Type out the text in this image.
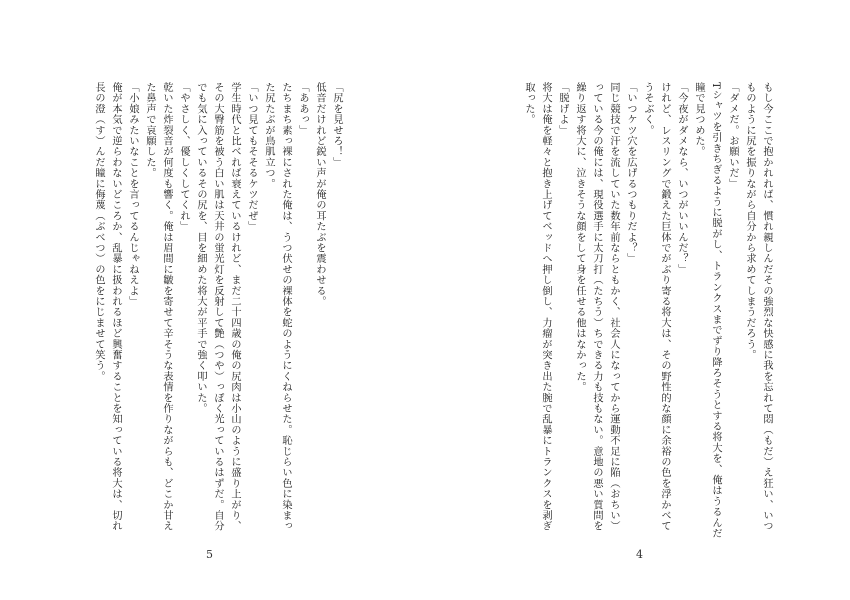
「尻を見せろ！」

低音だけれど鋭い声が俺の耳たぶを震わせる。

「ああっ」

たちまち素っ裸にされた俺は、うつ伏せの裸体を蛇のようにくねらせた。恥じらい色に染まった尻たぶが鳥肌立つ。

「いつ見てもそそるケツだぜ」

学生時代と比べれば衰えているけれど、まだ二十四歳の俺の尻肉は小山のように盛り上がり、その大臀筋を被う白い肌は天井の蛍光灯を反射して艶（つや）っぽく光っているはずだ。自分でも気に入っているその尻を、目を細めた将大が平手で強く叩いた。

「やさしく、優しくしてくれ」

乾いた炸裂音が何度も響く。俺は眉間に皺を寄せて辛そうな表情を作りながらも、どこか甘えた鼻声で哀願した。

「小娘みたいなことを言ってるんじゃねえよ」

俺が本気で逆らわないどころか、乱暴に扱われるほど興奮することを知っている将大は、切れ長の澄（す）んだ瞳に侮蔑（ぶべつ）の色をにじませて笑う。

5

もし今ここで抱かれれば、慣れ親しんだその強烈な快感に我を忘れて悶（もだ）え狂い、いつものように尻を振りながら自分から求めてしまうだろう。

「ダメだ。お願いだ」

Tシャツを引きちぎるように脱がし、トランクスまでずり降ろそうとする将大を、俺はうるんだ瞳で見つめた。

「今夜がダメなら、いつがいいんだ？」

けれど、レスリングで鍛えた巨体でがぶり寄る将大は、その野性的な顔に余裕の色を浮かべてうそぶく。

「いつケツ穴を広げるつもりだよ？」

同じ競技で汗を流していた数年前ならともかく、社会人になってから運動不足に陥（おちい）っている今の俺には、現役選手に太刀打（たちう）ちできる力も技もない。意地の悪い質問を繰り返す将大に、泣きそうな顔をして身を任せる他はなかった。

「脱げよ」

将大は俺を軽々と抱き上げてベッドへ押し倒し、力瘤が突き出た腕で乱暴にトランクスを剥ぎ取った。

4
